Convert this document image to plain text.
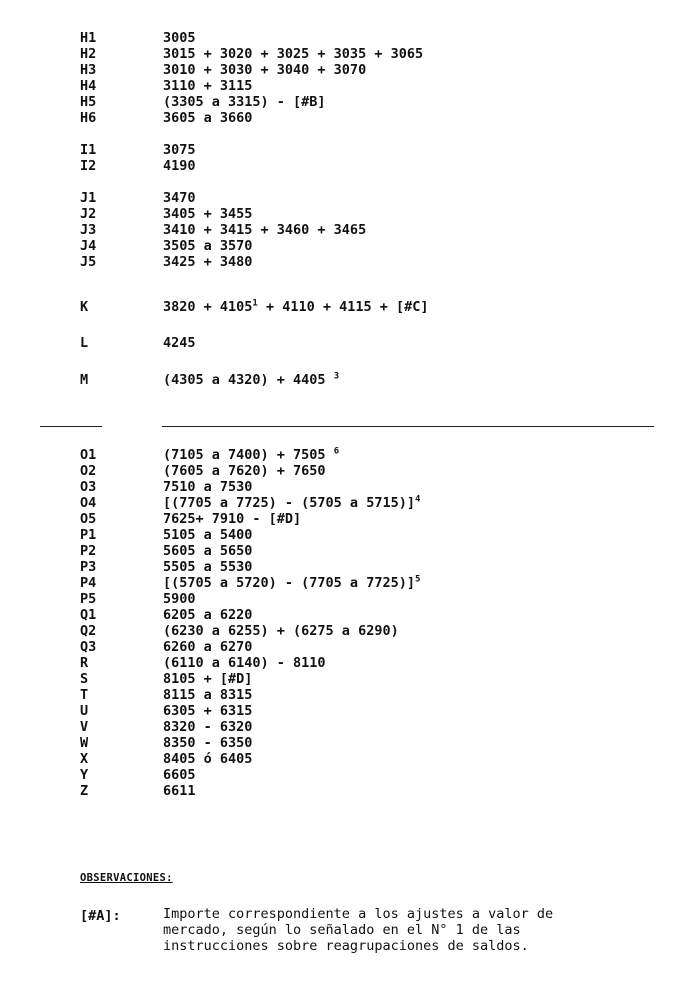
H1	3005
H2	3015 + 3020 + 3025 + 3035 + 3065
H3	3010 + 3030 + 3040 + 3070
H4	3110 + 3115
H5	(3305 a 3315) - [#B]
H6	3605 a 3660
I1	3075
I2	4190
J1	3470
J2	3405 + 3455
J3	3410 + 3415 + 3460 + 3465
J4	3505 a 3570
J5	3425 + 3480
K	$3820 + 4105^1 + 4110 + 4115$ + [#C]
L	4245
M	(4305 a 4320) + 4405 $^3$
O1	(7105 a 7400) + 7505 $^6$
O2	(7605 a 7620) + 7650
O3	7510 a 7530
O4	[(7705 a 7725) - (5705 a 5715)]$^4$
O5	7625+ 7910 - [#D]
P1	5105 a 5400
P2	5605 a 5650
P3	5505 a 5530
P4	[(5705 a 5720) - (7705 a 7725)]$^5$
P5	5900
Q1	6205 a 6220
Q2	(6230 a 6255) + (6275 a 6290)
Q3	6260 a 6270
R	(6110 a 6140) - 8110
S	8105 + [#D]
T	8115 a 8315
U	6305 + 6315
V	8320 - 6320
W	8350 - 6350
X	8405 ó 6405
Y	6605
Z	6611
OBSERVACIONES:
[#A]:	Importe correspondiente a los ajustes a valor de
mercado, según lo señalado en el N° 1 de las
instrucciones sobre reagrupaciones de saldos.
